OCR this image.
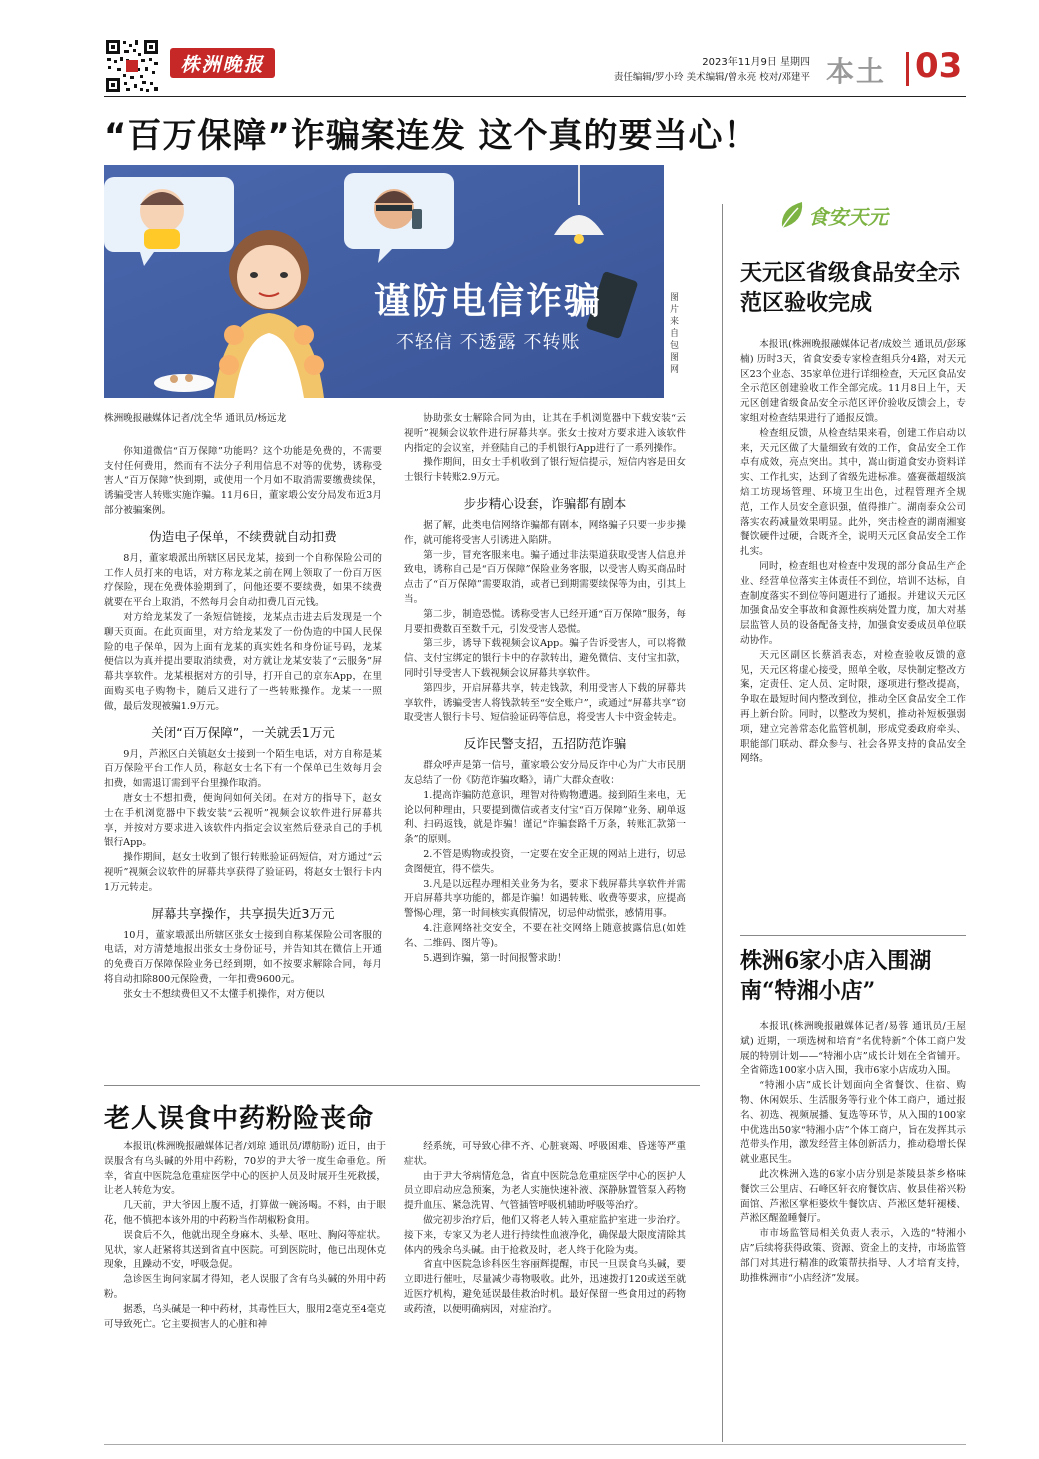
株洲晚报	2023年11月9日 星期四
责任编辑/罗小玲 美术编辑/曾永亮 校对/邓建平 本土 03
“百万保障”诈骗案连发 这个真的要当心！
谨防电信诈骗
不轻信 不透露 不转账
图片来自包图网

株洲晚报融媒体记者/沈全华 通讯员/杨远龙

你知道微信“百万保障”功能吗？这个功能是免费的，不需要支付任何费用，然而有不法分子利用信息不对等的优势，诱称受害人“百万保障”快到期，或使用一个月如不取消需要缴费续保，诱骗受害人转账实施诈骗。11月6日，董家塅公安分局发布近3月部分被骗案例。

伪造电子保单，不续费就自动扣费

8月，董家塅派出所辖区居民龙某，接到一个自称保险公司的工作人员打来的电话，对方称龙某之前在网上领取了一份百万医疗保险，现在免费体验期到了，问他还要不要续费，如果不续费就要在平台上取消，不然每月会自动扣费几百元钱。

对方给龙某发了一条短信链接，龙某点击进去后发现是一个聊天页面。在此页面里，对方给龙某发了一份伪造的中国人民保险的电子保单，因为上面有龙某的真实姓名和身份证号码，龙某便信以为真并提出要取消续费，对方就让龙某安装了“云服务”屏幕共享软件。龙某根据对方的引导，打开自己的京东App，在里面购买电子购物卡，随后又进行了一些转账操作。龙某一一照做，最后发现被骗1.9万元。

关闭“百万保障”，一关就丢1万元

9月，芦淞区白关镇赵女士接到一个陌生电话，对方自称是某百万保险平台工作人员，称赵女士名下有一个保单已生效每月会扣费，如需退订需到平台里操作取消。

唐女士不想扣费，便询问如何关闭。在对方的指导下，赵女士在手机浏览器中下载安装“云视听”视频会议软件进行屏幕共享，并按对方要求进入该软件内指定会议室然后登录自己的手机银行App。

操作期间，赵女士收到了银行转账验证码短信，对方通过“云视听”视频会议软件的屏幕共享获得了验证码，将赵女士银行卡内1万元转走。

屏幕共享操作，共享损失近3万元

10月，董家塅派出所辖区张女士接到自称某保险公司客服的电话，对方清楚地报出张女士身份证号，并告知其在微信上开通的免费百万保障保险业务已经到期，如不按要求解除合同，每月将自动扣除800元保险费，一年扣费9600元。

张女士不想续费但又不太懂手机操作，对方便以

协助张女士解除合同为由，让其在手机浏览器中下载安装“云视听”视频会议软件进行屏幕共享。张女士按对方要求进入该软件内指定的会议室，并登陆自己的手机银行App进行了一系列操作。

操作期间，田女士手机收到了银行短信提示，短信内容是田女士银行卡转账2.9万元。

步步精心设套，诈骗都有剧本

据了解，此类电信网络诈骗都有剧本，网络骗子只要一步步操作，就可能将受害人引诱进入陷阱。

第一步，冒充客服来电。骗子通过非法渠道获取受害人信息并致电，诱称自己是“百万保障”保险业务客服，以受害人购买商品时点击了“百万保障”需要取消，或者已到期需要续保等为由，引其上当。

第二步，制造恐慌。诱称受害人已经开通“百万保障”服务，每月要扣费数百至数千元，引发受害人恐慌。

第三步，诱导下载视频会议App。骗子告诉受害人，可以将微信、支付宝绑定的银行卡中的存款转出，避免微信、支付宝扣款，同时引导受害人下载视频会议屏幕共享软件。

第四步，开启屏幕共享，转走钱款，利用受害人下载的屏幕共享软件，诱骗受害人将钱款转至“安全账户”，或通过“屏幕共享”窃取受害人银行卡号、短信验证码等信息，将受害人卡中资金转走。

反诈民警支招，五招防范诈骗

群众呼声是第一信号，董家塅公安分局反诈中心为广大市民朋友总结了一份《防范诈骗攻略》，请广大群众查收：

1.提高诈骗防范意识，理智对待购物遭遇。接到陌生来电，无论以何种理由，只要提到微信或者支付宝“百万保障”业务、刷单返利、扫码返钱，就是诈骗！谨记“诈骗套路千万条，转账汇款第一条”的原则。

2.不管是购物或投资，一定要在安全正规的网站上进行，切忌贪图便宜，得不偿失。

3.凡是以远程办理相关业务为名，要求下载屏幕共享软件并需开启屏幕共享功能的，都是诈骗！如遇转账、收费等要求，应提高警惕心理，第一时间核实真假情况，切忌仲动慌张，感情用事。

4.注意网络社交安全，不要在社交网络上随意披露信息(如姓名、二维码、图片等)。

5.遇到诈骗，第一时间报警求助！

老人误食中药粉险丧命

本报讯(株洲晚报融媒体记者/刘琼 通讯员/谭舫盼) 近日，由于误服含有乌头碱的外用中药粉，70岁的尹大爷一度生命垂危。所幸，省直中医院急危重症医学中心的医护人员及时展开生死救援，让老人转危为安。

几天前，尹大爷因上腹不适，打算做一碗汤喝。不料，由于眼花，他不慎把本该外用的中药粉当作胡椒粉食用。

误食后不久，他就出现全身麻木、头晕、呕吐、胸闷等症状。见状，家人赶紧将其送到省直中医院。可到医院时，他已出现休克现象，且躁动不安，呼吸急促。

急诊医生询问家属才得知，老人误服了含有乌头碱的外用中药粉。

据悉，乌头碱是一种中药材，其毒性巨大，服用2毫克至4毫克可导致死亡。它主要损害人的心脏和神

经系统，可导致心律不齐、心脏衰竭、呼吸困难、昏迷等严重症状。

由于尹大爷病情危急，省直中医院急危重症医学中心的医护人员立即启动应急预案，为老人实施快速补液、深静脉置管泵入药物提升血压、紧急洗胃、气管插管呼吸机辅助呼吸等治疗。

做完初步治疗后，他们又将老人转入重症监护室进一步治疗。接下来，专家又为老人进行持续性血液净化，确保最大限度清除其体内的残余乌头碱。由于抢救及时，老人终于化险为夷。

省直中医院急诊科医生容丽辉提醒，市民一旦误食乌头碱，要立即进行催吐，尽量减少毒物吸收。此外，迅速拨打120或送至就近医疗机构，避免延误最佳救治时机。最好保留一些食用过的药物或药渣，以便明确病因，对症治疗。

食安天元
天元区省级食品安全示范区验收完成

本报讯(株洲晚报融媒体记者/成姣兰 通讯员/彭琢楠) 历时3天，省食安委专家检查组兵分4路，对天元区23个业态、35家单位进行详细检查，天元区食品安全示范区创建验收工作全部完成。11月8日上午，天元区创建省级食品安全示范区评价验收反馈会上，专家组对检查结果进行了通报反馈。

检查组反馈，从检查结果来看，创建工作启动以来，天元区做了大量细致有效的工作，食品安全工作卓有成效，亮点突出。其中，嵩山街道食安办资料详实、工作扎实，达到了省级先进标准。盛赛薇超级滨焙工坊现场管理、环境卫生出色，过程管理齐全规范，工作人员安全意识强，值得推广。湖南泰众公司落实农药减量效果明显。此外，突击检查的湖南湘宴餐饮硬件过硬，合既齐全，说明天元区食品安全工作扎实。

同时，检查组也对检查中发现的部分食品生产企业、经营单位落实主体责任不到位，培训不达标，自查制度落实不到位等问题进行了通报。并建议天元区加强食品安全事故和食源性疾病处置力度，加大对基层监管人员的设备配备支持，加强食安委成员单位联动协作。

天元区副区长蔡滔表态，对检查验收反馈的意见，天元区将虚心接受，照单全收，尽快制定整改方案，定责任、定人员、定时限，逐项进行整改提高，争取在最短时间内整改到位，推动全区食品安全工作再上新台阶。同时，以整改为契机，推动补短板强弱项，建立完善常态化监管机制，形成党委政府牵头、职能部门联动、群众参与、社会各界支持的食品安全网络。

株洲6家小店入围湖南“特湘小店”

本报讯(株洲晚报融媒体记者/易蓉 通讯员/王屋斌) 近期，一项选树和培育“名优特新”个体工商户发展的特别计划——“特湘小店”成长计划在全省铺开。全省筛选100家小店入围，我市6家小店成功入围。

“特湘小店”成长计划面向全省餐饮、住宿、购物、休闲娱乐、生活服务等行业个体工商户，通过报名、初选、视频展播、复选等环节，从入围的100家中优选出50家“特湘小店”个体工商户，旨在发挥其示范带头作用，激发经营主体创新活力，推动稳增长保就业惠民生。

此次株洲入选的6家小店分别是茶陵县茶乡格味餐饮三公里店、石峰区轩衣府餐饮店、攸县佳裕兴粉面馆、芦淞区掌柜婆炊牛餐饮店、芦淞区楚轩褪楼、芦淞区醒盈睡餐厅。

市市场监管局相关负责人表示，入选的“特湘小店”后续将获得政策、资源、资金上的支持，市场监管部门对其进行精准的政策帮扶指导、人才培育支持，助推株洲市“小店经济”发展。
